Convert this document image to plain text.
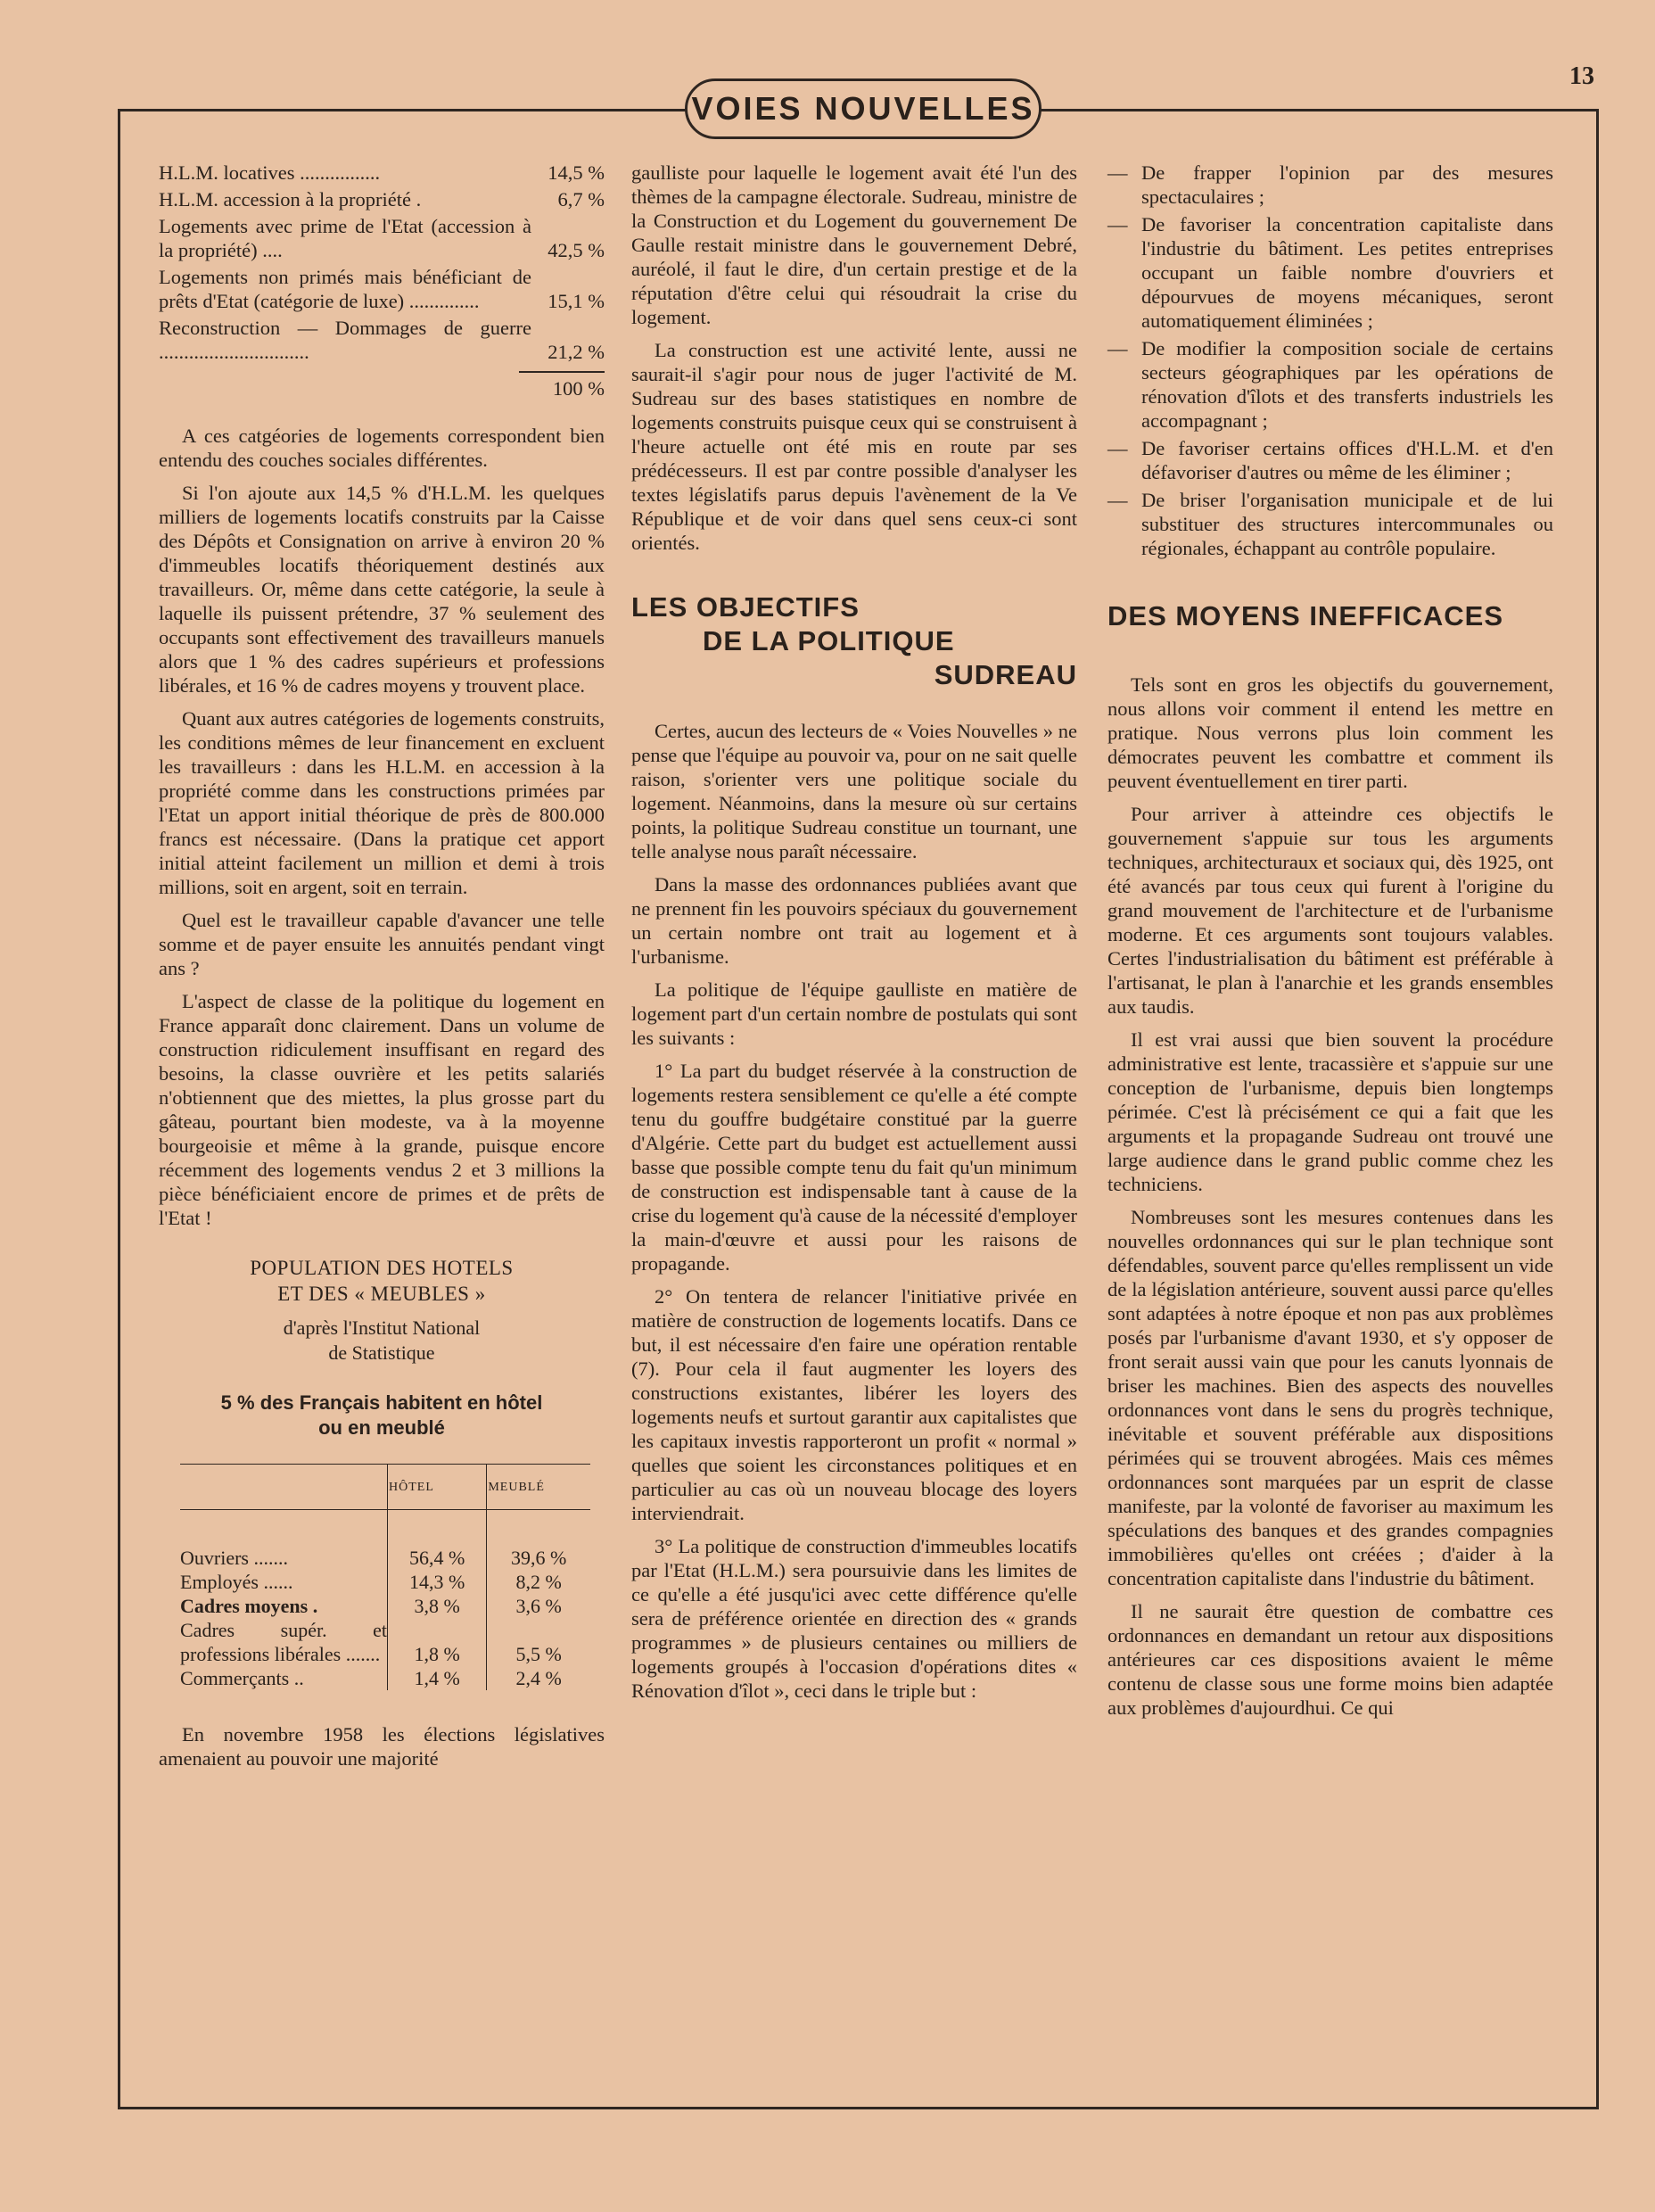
13
VOIES NOUVELLES
H.L.M. locatives ................	14,5 %
H.L.M. accession à la propriété .	6,7 %
Logements avec prime de l'Etat (accession à la propriété) ....	42,5 %
Logements non primés mais bénéficiant de prêts d'Etat (catégorie de luxe) ..............	15,1 %
Reconstruction — Dommages de guerre ..............................	21,2 %
100 %

A ces catgéories de logements correspondent bien entendu des couches sociales différentes.

Si l'on ajoute aux 14,5 % d'H.L.M. les quelques milliers de logements locatifs construits par la Caisse des Dépôts et Consignation on arrive à environ 20 % d'immeubles locatifs théoriquement destinés aux travailleurs. Or, même dans cette catégorie, la seule à laquelle ils puissent prétendre, 37 % seulement des occupants sont effectivement des travailleurs manuels alors que 1 % des cadres supérieurs et professions libérales, et 16 % de cadres moyens y trouvent place.

Quant aux autres catégories de logements construits, les conditions mêmes de leur financement en excluent les travailleurs : dans les H.L.M. en accession à la propriété comme dans les constructions primées par l'Etat un apport initial théorique de près de 800.000 francs est nécessaire. (Dans la pratique cet apport initial atteint facilement un million et demi à trois millions, soit en argent, soit en terrain.

Quel est le travailleur capable d'avancer une telle somme et de payer ensuite les annuités pendant vingt ans ?

L'aspect de classe de la politique du logement en France apparaît donc clairement. Dans un volume de construction ridiculement insuffisant en regard des besoins, la classe ouvrière et les petits salariés n'obtiennent que des miettes, la plus grosse part du gâteau, pourtant bien modeste, va à la moyenne bourgeoisie et même à la grande, puisque encore récemment des logements vendus 2 et 3 millions la pièce bénéficiaient encore de primes et de prêts de l'Etat !

POPULATION DES HOTELS
ET DES « MEUBLES »
d'après l'Institut National
de Statistique
5 % des Français habitent en hôtel
ou en meublé
	HÔTEL	MEUBLÉ

Ouvriers .......	56,4 %	39,6 %
Employés ......	14,3 %	8,2 %
Cadres moyens .	3,8 %	3,6 %
Cadres supér. et professions libérales .......	1,8 %	5,5 %
Commerçants ..	1,4 %	2,4 %

En novembre 1958 les élections législatives amenaient au pouvoir une majorité

gaulliste pour laquelle le logement avait été l'un des thèmes de la campagne électorale. Sudreau, ministre de la Construction et du Logement du gouvernement De Gaulle restait ministre dans le gouvernement Debré, auréolé, il faut le dire, d'un certain prestige et de la réputation d'être celui qui résoudrait la crise du logement.

La construction est une activité lente, aussi ne saurait-il s'agir pour nous de juger l'activité de M. Sudreau sur des bases statistiques en nombre de logements construits puisque ceux qui se construisent à l'heure actuelle ont été mis en route par ses prédécesseurs. Il est par contre possible d'analyser les textes législatifs parus depuis l'avènement de la Ve République et de voir dans quel sens ceux-ci sont orientés.

LES OBJECTIFS
DE LA POLITIQUE
SUDREAU

Certes, aucun des lecteurs de « Voies Nouvelles » ne pense que l'équipe au pouvoir va, pour on ne sait quelle raison, s'orienter vers une politique sociale du logement. Néanmoins, dans la mesure où sur certains points, la politique Sudreau constitue un tournant, une telle analyse nous paraît nécessaire.

Dans la masse des ordonnances publiées avant que ne prennent fin les pouvoirs spéciaux du gouvernement un certain nombre ont trait au logement et à l'urbanisme.

La politique de l'équipe gaulliste en matière de logement part d'un certain nombre de postulats qui sont les suivants :

1° La part du budget réservée à la construction de logements restera sensiblement ce qu'elle a été compte tenu du gouffre budgétaire constitué par la guerre d'Algérie. Cette part du budget est actuellement aussi basse que possible compte tenu du fait qu'un minimum de construction est indispensable tant à cause de la crise du logement qu'à cause de la nécessité d'employer la main-d'œuvre et aussi pour les raisons de propagande.

2° On tentera de relancer l'initiative privée en matière de construction de logements locatifs. Dans ce but, il est nécessaire d'en faire une opération rentable (7). Pour cela il faut augmenter les loyers des constructions existantes, libérer les loyers des logements neufs et surtout garantir aux capitalistes que les capitaux investis rapporteront un profit « normal » quelles que soient les circonstances politiques et en particulier au cas où un nouveau blocage des loyers interviendrait.

3° La politique de construction d'immeubles locatifs par l'Etat (H.L.M.) sera poursuivie dans les limites de ce qu'elle a été jusqu'ici avec cette différence qu'elle sera de préférence orientée en direction des « grands programmes » de plusieurs centaines ou milliers de logements groupés à l'occasion d'opérations dites « Rénovation d'îlot », ceci dans le triple but :

— De frapper l'opinion par des mesures spectaculaires ;
— De favoriser la concentration capitaliste dans l'industrie du bâtiment. Les petites entreprises occupant un faible nombre d'ouvriers et dépourvues de moyens mécaniques, seront automatiquement éliminées ;
— De modifier la composition sociale de certains secteurs géographiques par les opérations de rénovation d'îlots et des transferts industriels les accompagnant ;
— De favoriser certains offices d'H.L.M. et d'en défavoriser d'autres ou même de les éliminer ;
— De briser l'organisation municipale et de lui substituer des structures intercommunales ou régionales, échappant au contrôle populaire.
DES MOYENS INEFFICACES

Tels sont en gros les objectifs du gouvernement, nous allons voir comment il entend les mettre en pratique. Nous verrons plus loin comment les démocrates peuvent les combattre et comment ils peuvent éventuellement en tirer parti.

Pour arriver à atteindre ces objectifs le gouvernement s'appuie sur tous les arguments techniques, architecturaux et sociaux qui, dès 1925, ont été avancés par tous ceux qui furent à l'origine du grand mouvement de l'architecture et de l'urbanisme moderne. Et ces arguments sont toujours valables. Certes l'industrialisation du bâtiment est préférable à l'artisanat, le plan à l'anarchie et les grands ensembles aux taudis.

Il est vrai aussi que bien souvent la procédure administrative est lente, tracassière et s'appuie sur une conception de l'urbanisme, depuis bien longtemps périmée. C'est là précisément ce qui a fait que les arguments et la propagande Sudreau ont trouvé une large audience dans le grand public comme chez les techniciens.

Nombreuses sont les mesures contenues dans les nouvelles ordonnances qui sur le plan technique sont défendables, souvent parce qu'elles remplissent un vide de la législation antérieure, souvent aussi parce qu'elles sont adaptées à notre époque et non pas aux problèmes posés par l'urbanisme d'avant 1930, et s'y opposer de front serait aussi vain que pour les canuts lyonnais de briser les machines. Bien des aspects des nouvelles ordonnances vont dans le sens du progrès technique, inévitable et souvent préférable aux dispositions périmées qui se trouvent abrogées. Mais ces mêmes ordonnances sont marquées par un esprit de classe manifeste, par la volonté de favoriser au maximum les spéculations des banques et des grandes compagnies immobilières qu'elles ont créées ; d'aider à la concentration capitaliste dans l'industrie du bâtiment.

Il ne saurait être question de combattre ces ordonnances en demandant un retour aux dispositions antérieures car ces dispositions avaient le même contenu de classe sous une forme moins bien adaptée aux problèmes d'aujourdhui. Ce qui
